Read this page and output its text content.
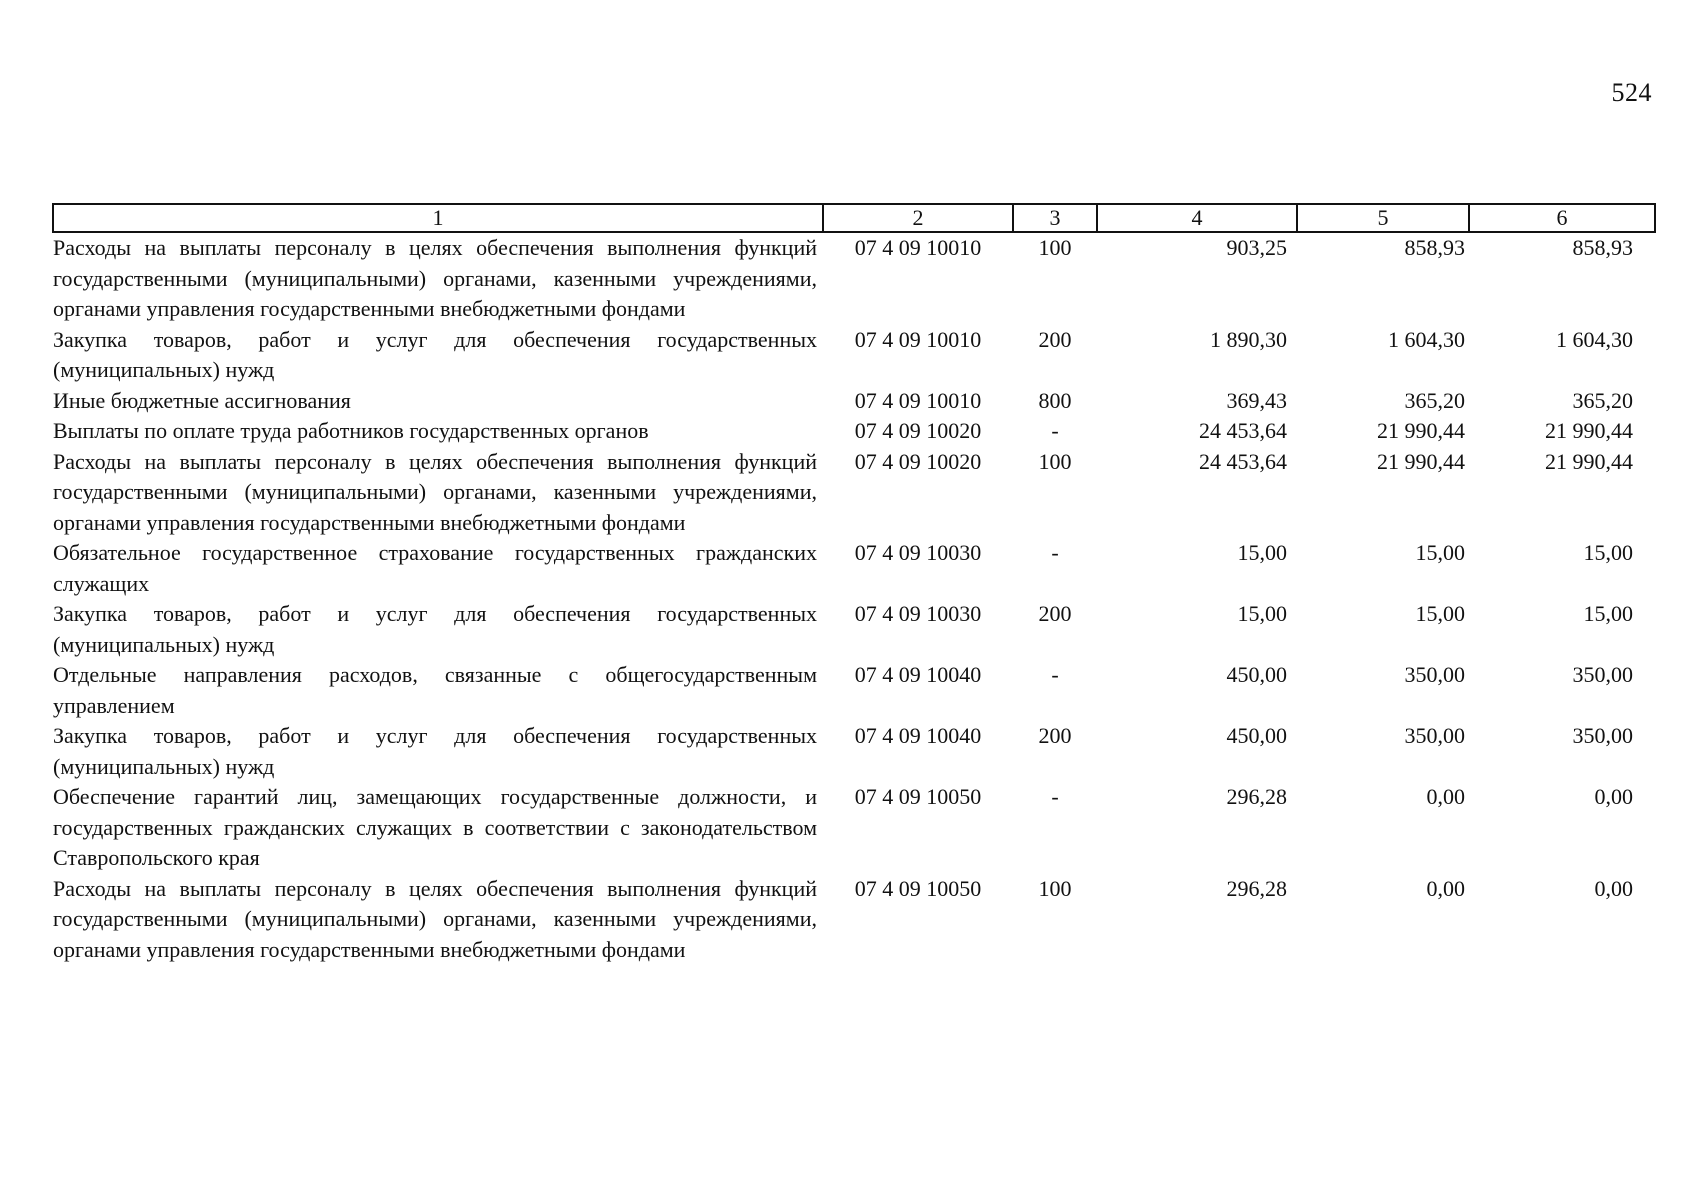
524
1	2	3	4	5	6
Расходы на выплаты персоналу в целях обеспечения выполнения функций государственными (муниципальными) органами, казенными учреждениями, органами управления государственными внебюджетными фондами	07 4 09 10010	100	903,25	858,93	858,93
Закупка товаров, работ и услуг для обеспечения государственных (муниципальных) нужд	07 4 09 10010	200	1 890,30	1 604,30	1 604,30
Иные бюджетные ассигнования	07 4 09 10010	800	369,43	365,20	365,20
Выплаты по оплате труда работников государственных органов	07 4 09 10020	-	24 453,64	21 990,44	21 990,44
Расходы на выплаты персоналу в целях обеспечения выполнения функций государственными (муниципальными) органами, казенными учреждениями, органами управления государственными внебюджетными фондами	07 4 09 10020	100	24 453,64	21 990,44	21 990,44
Обязательное государственное страхование государственных гражданских служащих	07 4 09 10030	-	15,00	15,00	15,00
Закупка товаров, работ и услуг для обеспечения государственных (муниципальных) нужд	07 4 09 10030	200	15,00	15,00	15,00
Отдельные направления расходов, связанные с общегосударственным управлением	07 4 09 10040	-	450,00	350,00	350,00
Закупка товаров, работ и услуг для обеспечения государственных (муниципальных) нужд	07 4 09 10040	200	450,00	350,00	350,00
Обеспечение гарантий лиц, замещающих государственные должности, и государственных гражданских служащих в соответствии с законодательством Ставропольского края	07 4 09 10050	-	296,28	0,00	0,00
Расходы на выплаты персоналу в целях обеспечения выполнения функций государственными (муниципальными) органами, казенными учреждениями, органами управления государственными внебюджетными фондами	07 4 09 10050	100	296,28	0,00	0,00
